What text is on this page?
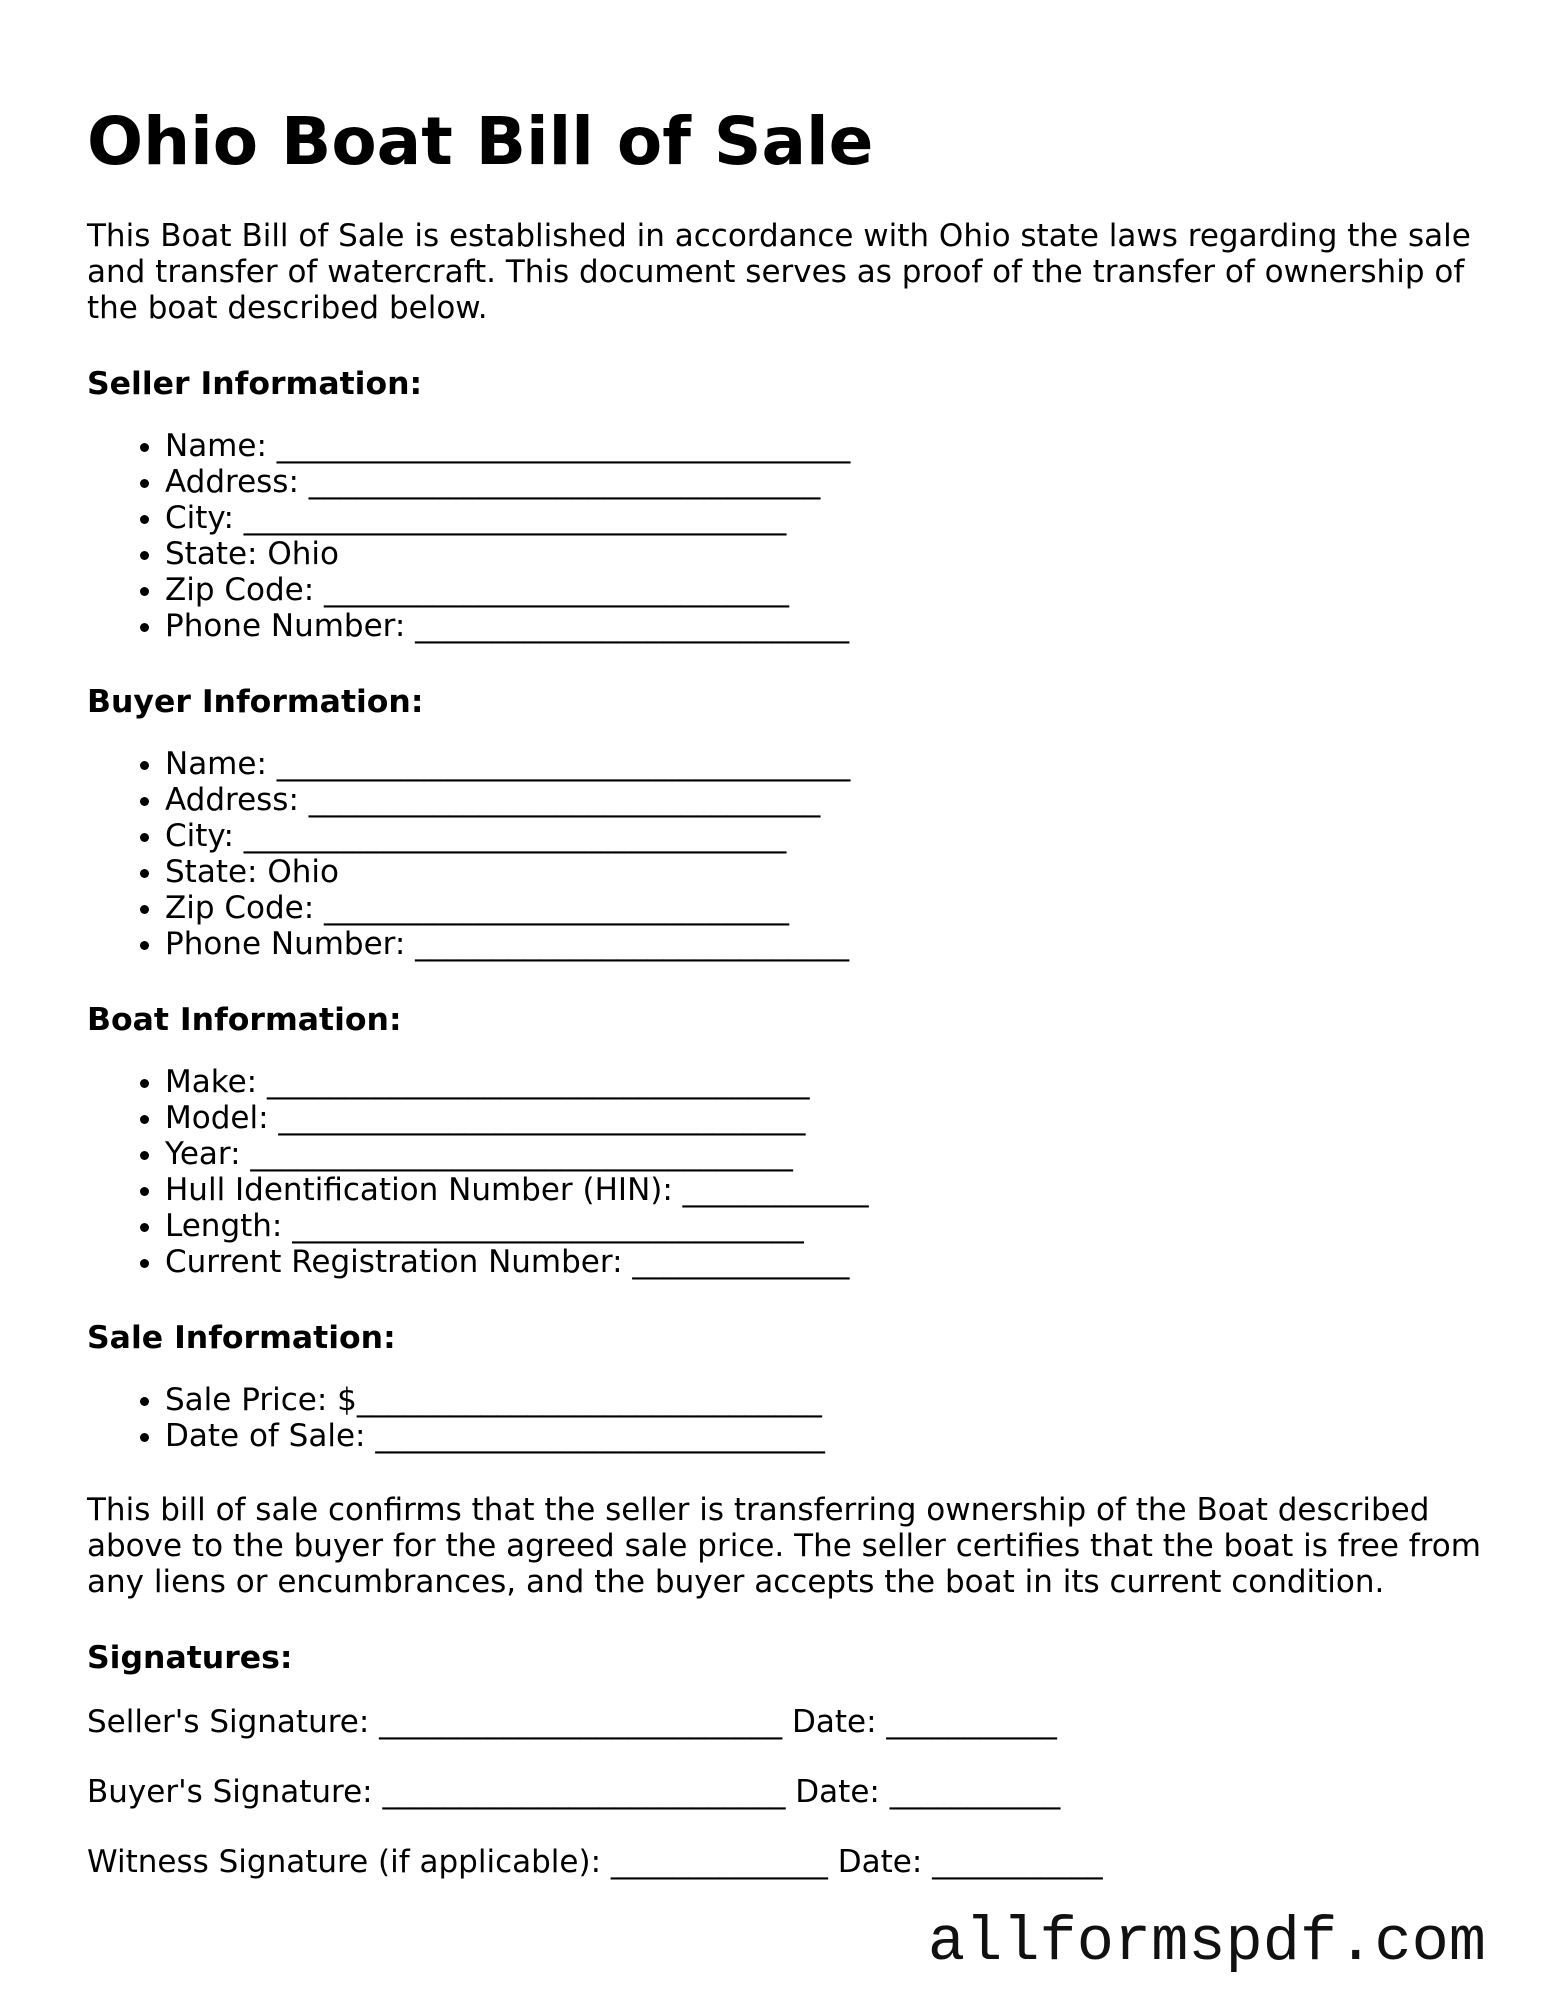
Ohio Boat Bill of Sale
This Boat Bill of Sale is established in accordance with Ohio state laws regarding the sale
and transfer of watercraft. This document serves as proof of the transfer of ownership of
the boat described below.
Seller Information:
• Name: _____________________________________
• Address: _________________________________
• City: ___________________________________
• State: Ohio
• Zip Code: ______________________________
• Phone Number: ____________________________
Buyer Information:
• Name: _____________________________________
• Address: _________________________________
• City: ___________________________________
• State: Ohio
• Zip Code: ______________________________
• Phone Number: ____________________________
Boat Information:
• Make: ___________________________________
• Model: __________________________________
• Year: ___________________________________
• Hull Identification Number (HIN): ____________
• Length: _________________________________
• Current Registration Number: ______________
Sale Information:
• Sale Price: $______________________________
• Date of Sale: _____________________________
This bill of sale confirms that the seller is transferring ownership of the Boat described
above to the buyer for the agreed sale price. The seller certifies that the boat is free from
any liens or encumbrances, and the buyer accepts the boat in its current condition.
Signatures:
Seller's Signature: __________________________ Date: ___________
Buyer's Signature: __________________________ Date: ___________
Witness Signature (if applicable): ______________ Date: ___________
allformspdf.com
